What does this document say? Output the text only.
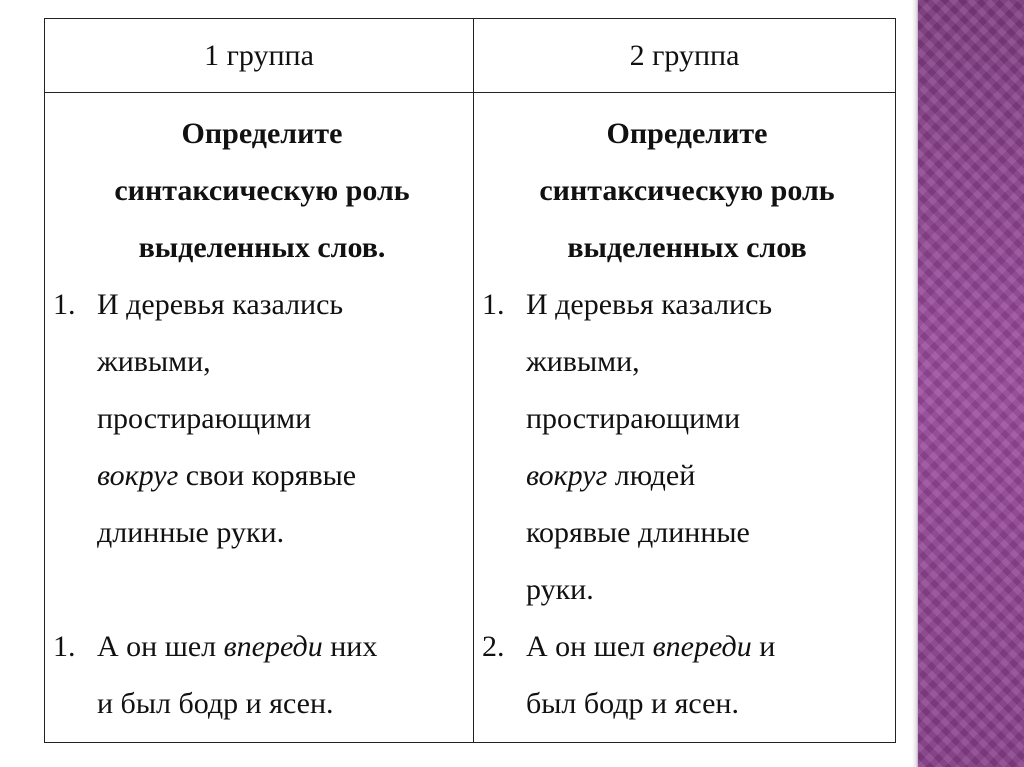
1 группа	2 группа
Определите
синтаксическую роль
выделенных слов.
1. И деревья казались
живыми,
простирающими
вокруг свои корявые
длинные руки.
1. А он шел впереди них
и был бодр и ясен.
Определите
синтаксическую роль
выделенных слов
1. И деревья казались
живыми,
простирающими
вокруг людей
корявые длинные
руки.
2. А он шел впереди и
был бодр и ясен.
